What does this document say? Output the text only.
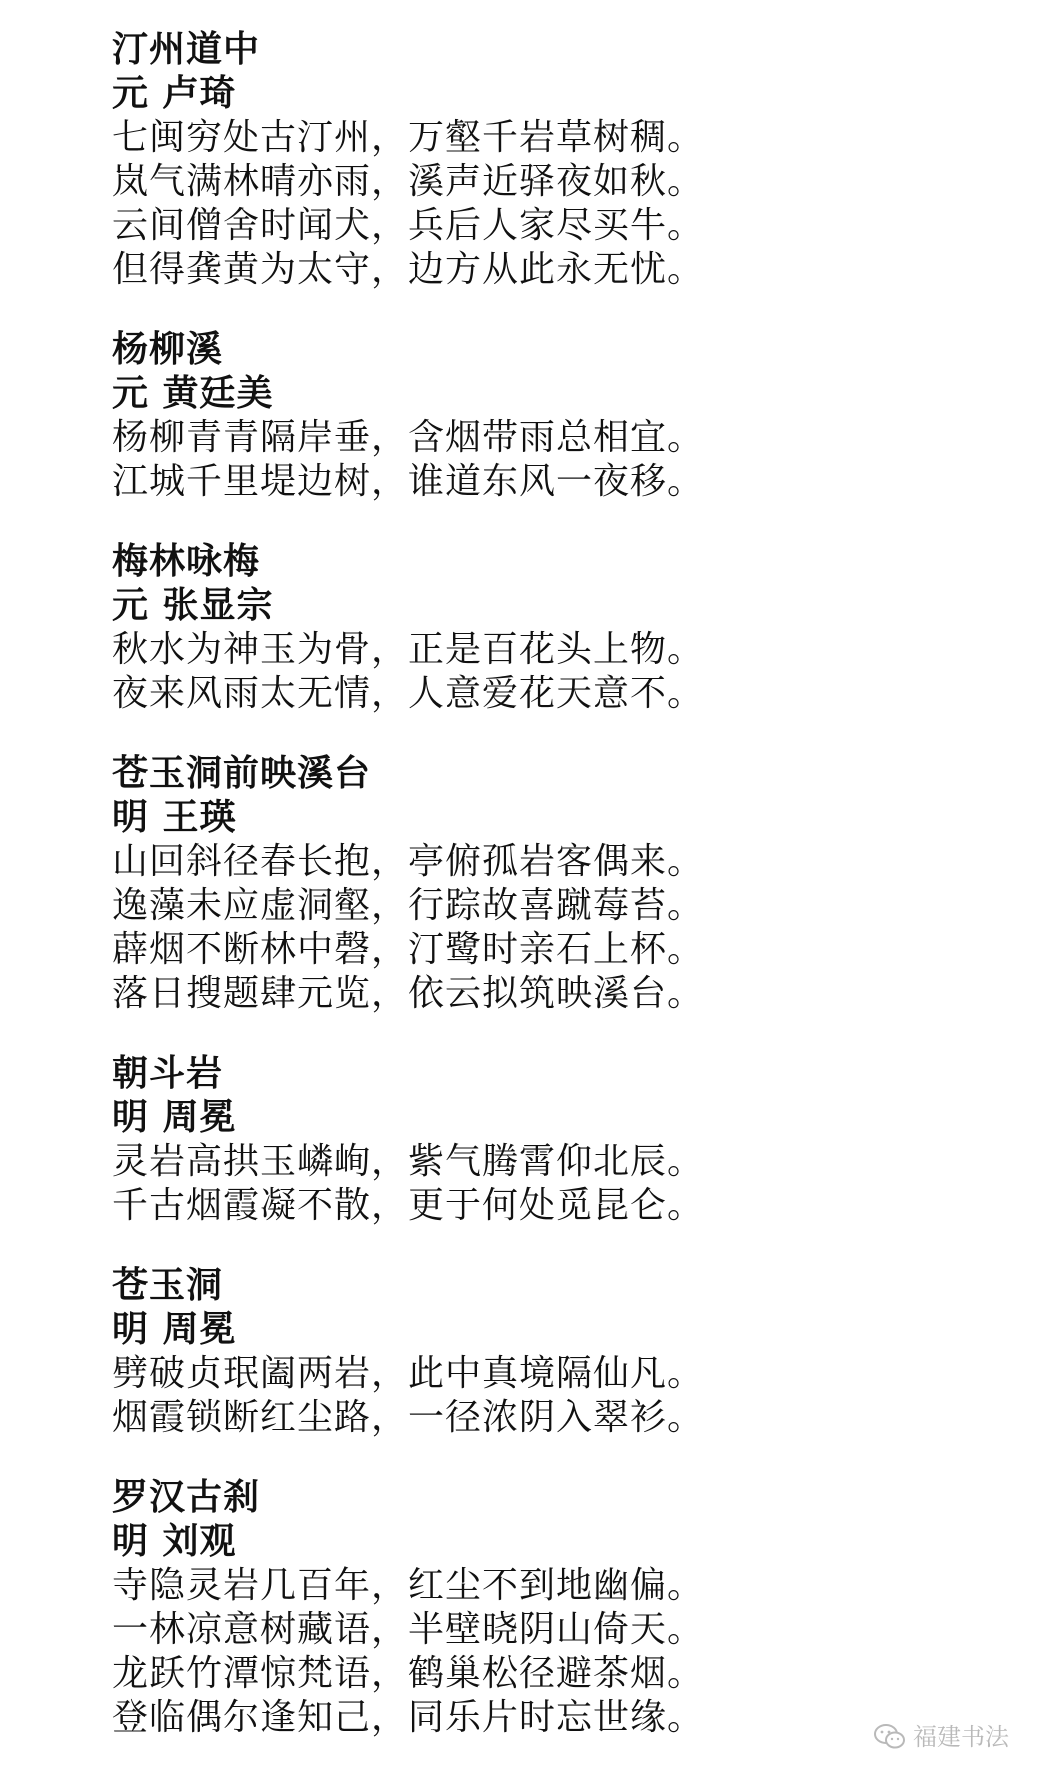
汀州道中
元 卢琦
七闽穷处古汀州，万壑千岩草树稠。
岚气满林晴亦雨，溪声近驿夜如秋。
云间僧舍时闻犬，兵后人家尽买牛。
但得龚黄为太守，边方从此永无忧。
杨柳溪
元 黄廷美
杨柳青青隔岸垂，含烟带雨总相宜。
江城千里堤边树，谁道东风一夜移。
梅林咏梅
元 张显宗
秋水为神玉为骨，正是百花头上物。
夜来风雨太无情，人意爱花天意不。
苍玉洞前映溪台
明 王瑛
山回斜径春长抱，亭俯孤岩客偶来。
逸藻未应虚洞壑，行踪故喜蹴莓苔。
薜烟不断林中磬，汀鹭时亲石上杯。
落日搜题肆元览，依云拟筑映溪台。
朝斗岩
明 周冕
灵岩高拱玉嶙峋，紫气腾霄仰北辰。
千古烟霞凝不散，更于何处觅昆仑。
苍玉洞
明 周冕
劈破贞珉阖两岩，此中真境隔仙凡。
烟霞锁断红尘路，一径浓阴入翠衫。
罗汉古刹
明 刘观
寺隐灵岩几百年，红尘不到地幽偏。
一林凉意树藏语，半壁晓阴山倚天。
龙跃竹潭惊梵语，鹤巢松径避茶烟。
登临偶尔逢知己，同乐片时忘世缘。	福建书法
